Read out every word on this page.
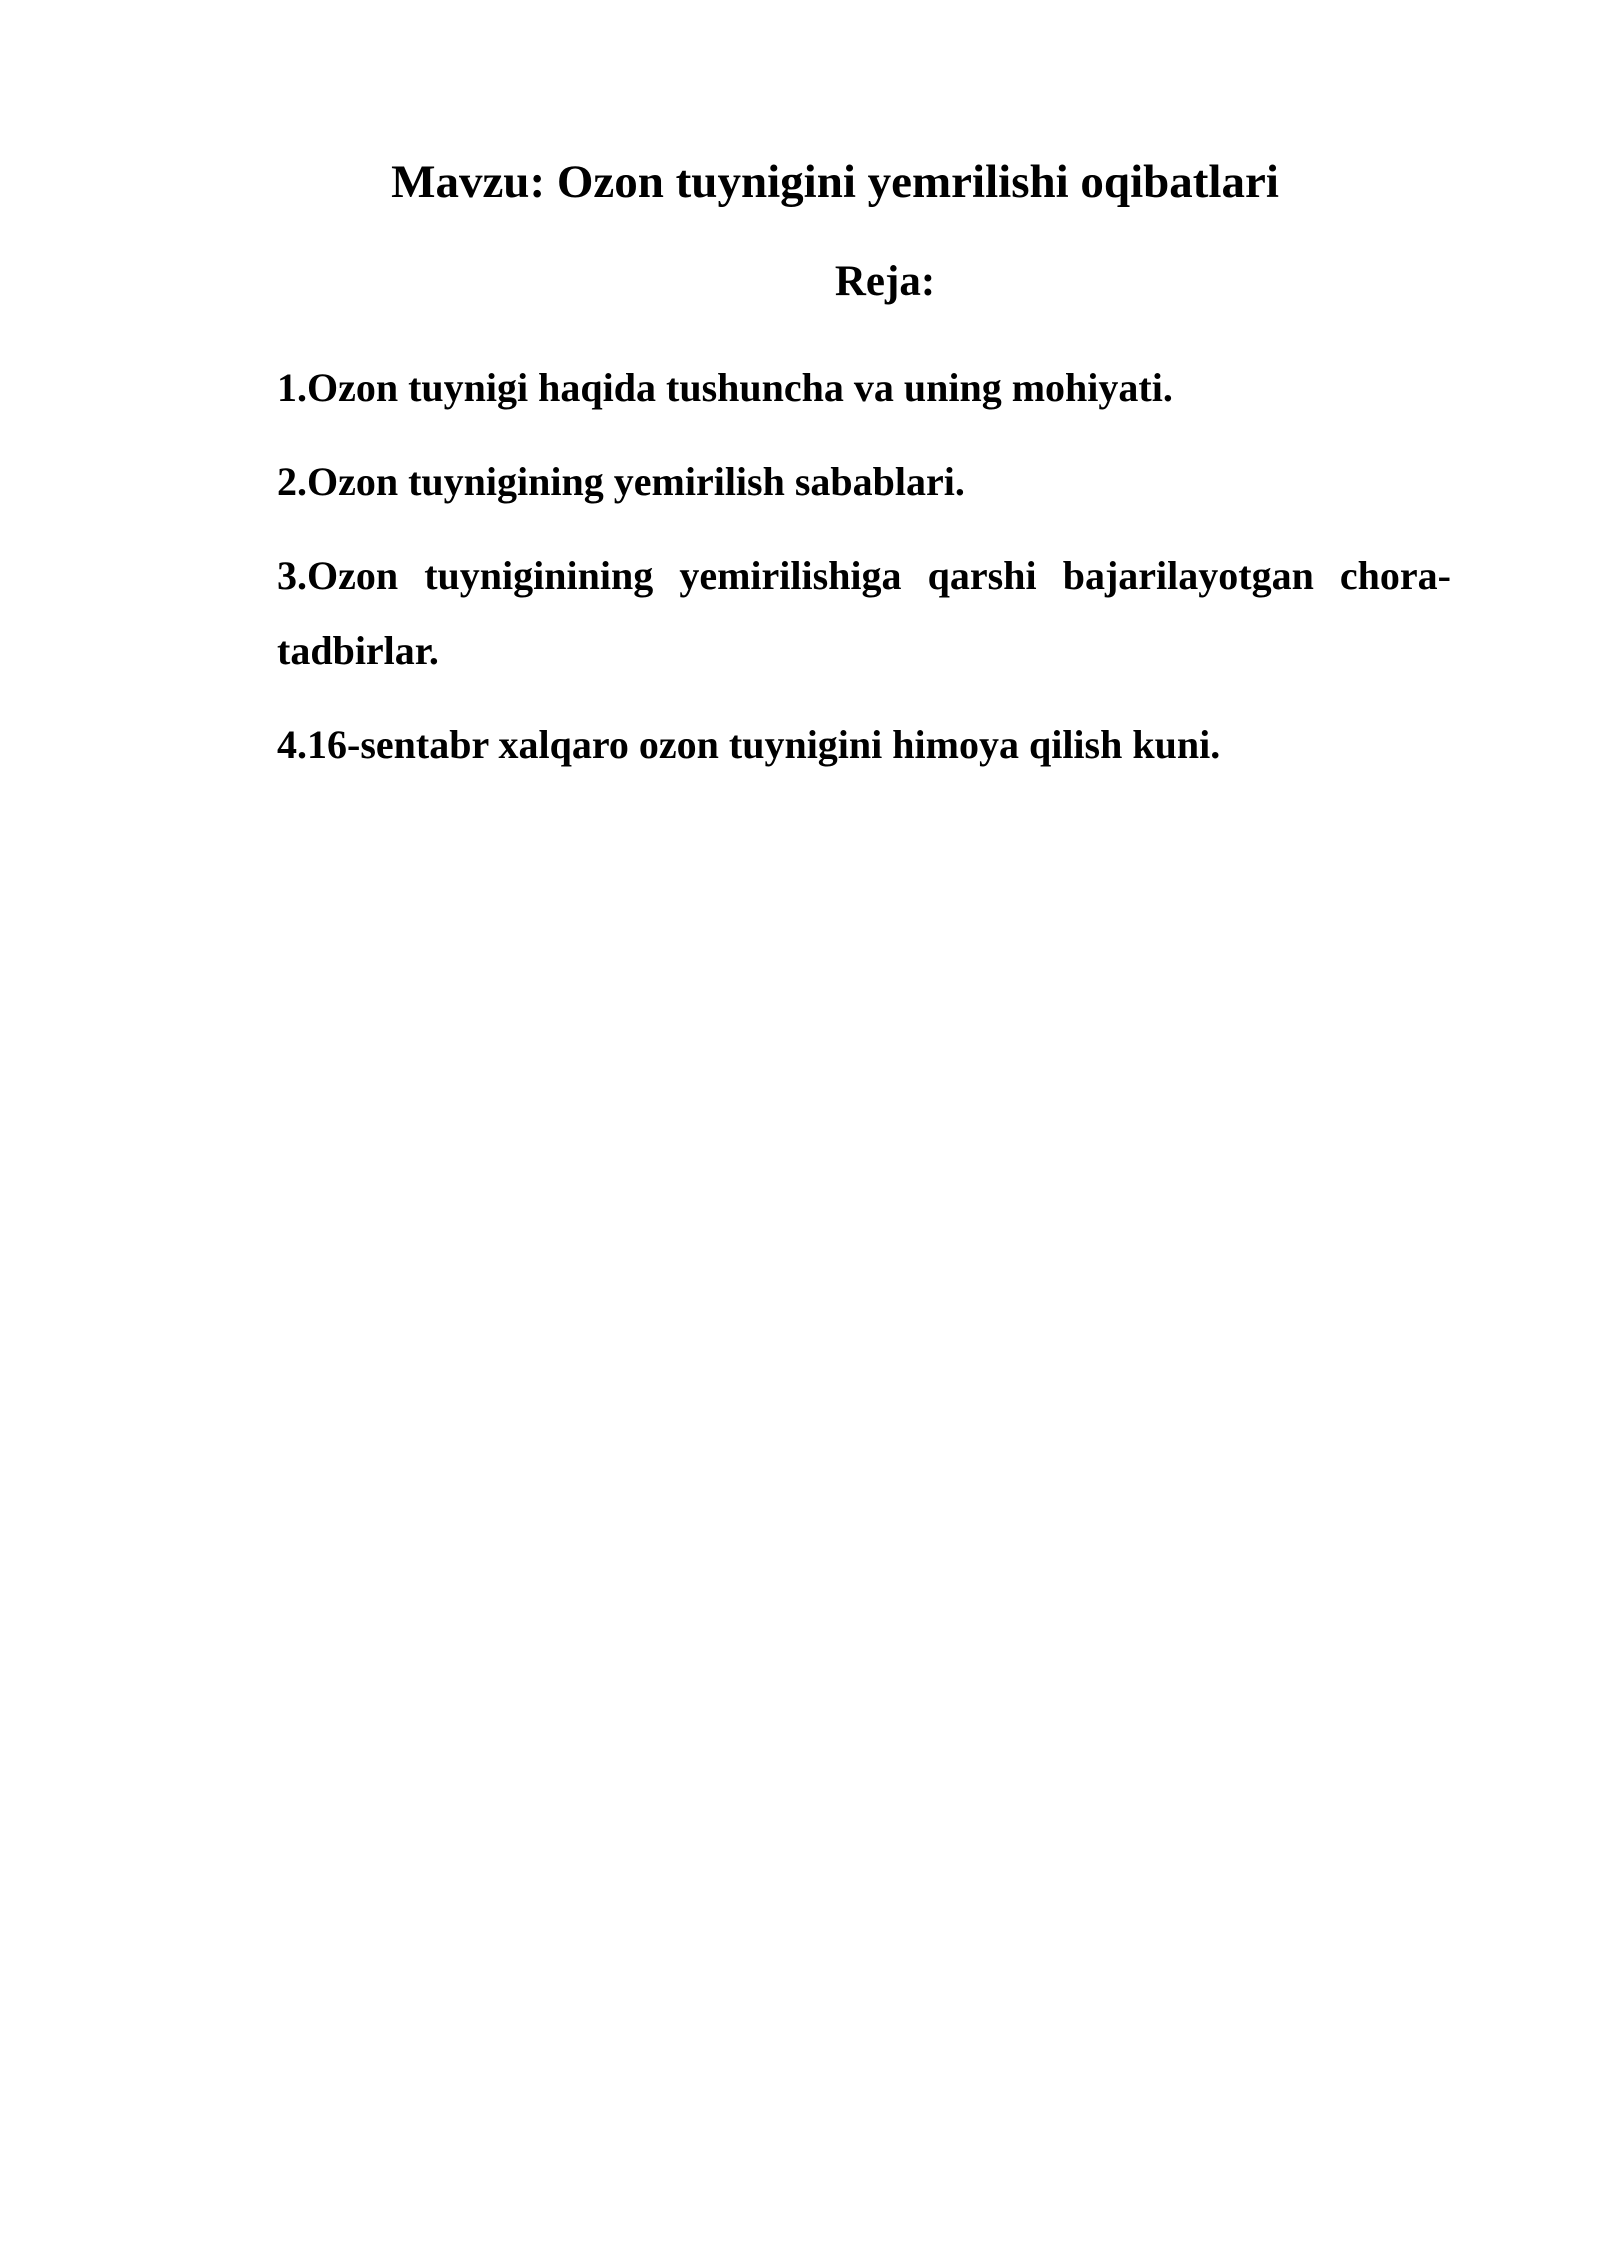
Mavzu: Ozon tuynigini yemrilishi oqibatlari
Reja:
1.Ozon tuynigi haqida tushuncha va uning mohiyati.
2.Ozon tuynigining yemirilish sabablari.
3.Ozon tuyniginining yemirilishiga qarshi bajarilayotgan chora-tadbirlar.
4.16-sentabr xalqaro ozon tuynigini himoya qilish kuni.
